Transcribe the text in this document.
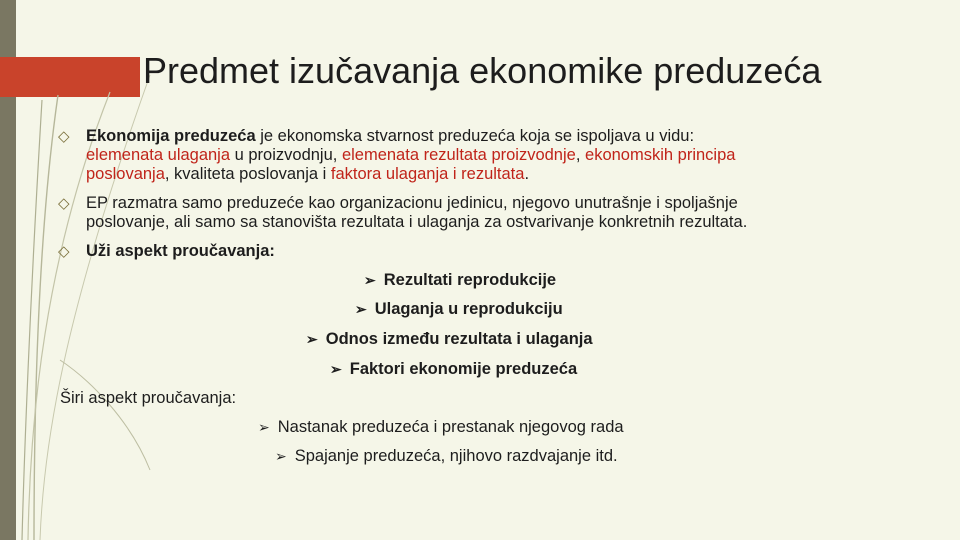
Predmet izučavanja ekonomike preduzeća
◇ Ekonomija preduzeća je ekonomska stvarnost preduzeća koja se ispoljava u vidu:
elemenata ulaganja u proizvodnju, elemenata rezultata proizvodnje, ekonomskih principa
poslovanja, kvaliteta poslovanja i faktora ulaganja i rezultata.
◇ EP razmatra samo preduzeće kao organizacionu jedinicu, njegovo unutrašnje i spoljašnje
poslovanje, ali samo sa stanovišta rezultata i ulaganja za ostvarivanje konkretnih rezultata.
◇ Uži aspekt proučavanja:
➢ Rezultati reprodukcije
➢ Ulaganja u reprodukciju
➢ Odnos između rezultata i ulaganja
➢ Faktori ekonomije preduzeća
Širi aspekt proučavanja:
➢ Nastanak preduzeća i prestanak njegovog rada
➢ Spajanje preduzeća, njihovo razdvajanje itd.
